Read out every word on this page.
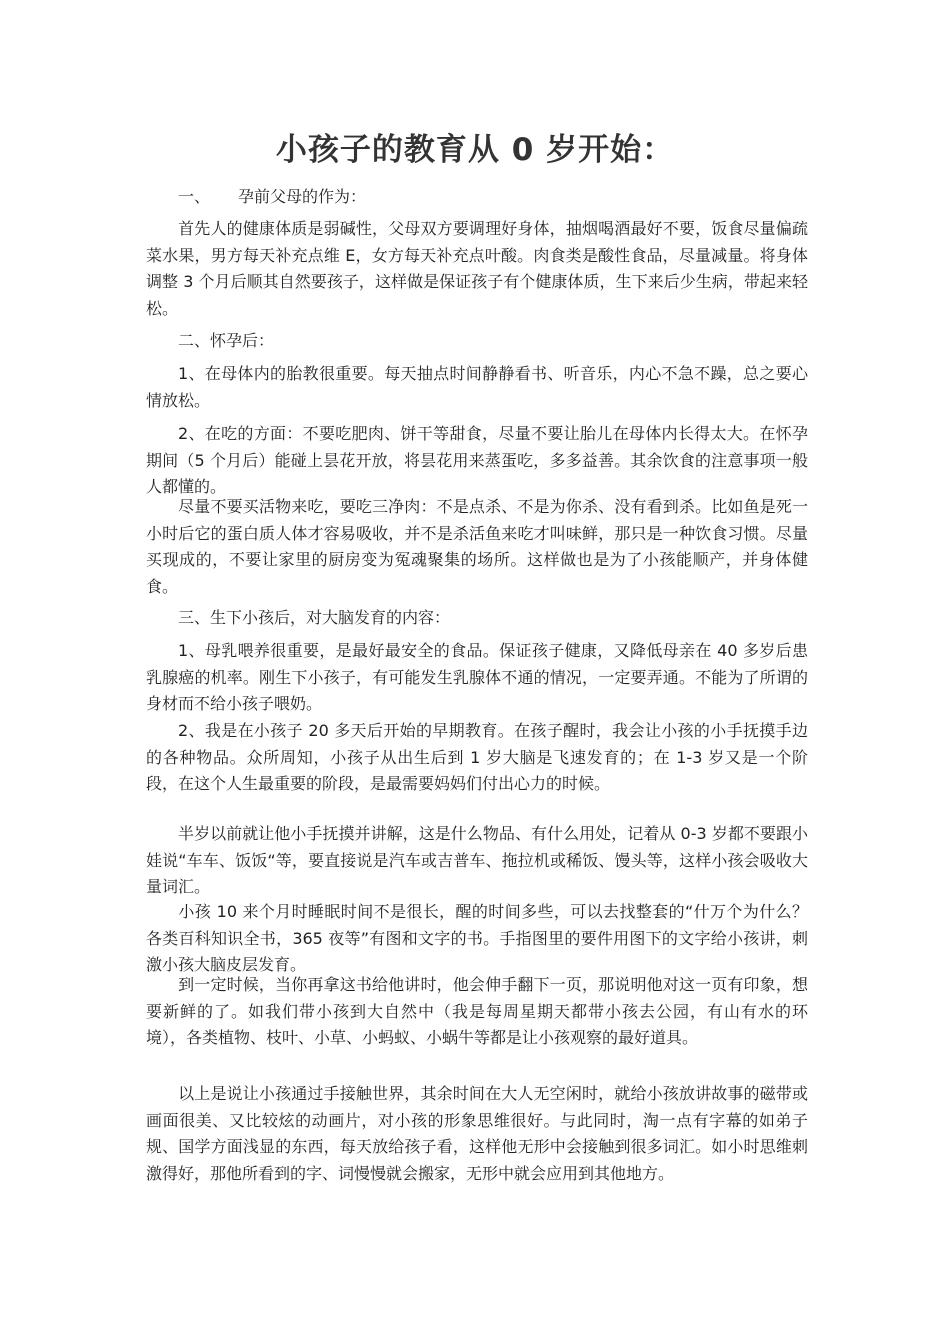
小孩子的教育从 0 岁开始：
一、 孕前父母的作为：
首先人的健康体质是弱碱性，父母双方要调理好身体，抽烟喝酒最好不要，饭食尽量偏疏菜水果，男方每天补充点维 E，女方每天补充点叶酸。肉食类是酸性食品，尽量减量。将身体调整 3 个月后顺其自然要孩子，这样做是保证孩子有个健康体质，生下来后少生病，带起来轻松。
二、怀孕后：
1、在母体内的胎教很重要。每天抽点时间静静看书、听音乐，内心不急不躁，总之要心情放松。
2、在吃的方面：不要吃肥肉、饼干等甜食，尽量不要让胎儿在母体内长得太大。在怀孕期间（5 个月后）能碰上昙花开放，将昙花用来蒸蛋吃，多多益善。其余饮食的注意事项一般人都懂的。
尽量不要买活物来吃，要吃三净肉：不是点杀、不是为你杀、没有看到杀。比如鱼是死一小时后它的蛋白质人体才容易吸收，并不是杀活鱼来吃才叫味鲜，那只是一种饮食习惯。尽量买现成的，不要让家里的厨房变为冤魂聚集的场所。这样做也是为了小孩能顺产，并身体健食。
三、生下小孩后，对大脑发育的内容：
1、母乳喂养很重要，是最好最安全的食品。保证孩子健康，又降低母亲在 40 多岁后患乳腺癌的机率。刚生下小孩子，有可能发生乳腺体不通的情况，一定要弄通。不能为了所谓的身材而不给小孩子喂奶。
2、我是在小孩子 20 多天后开始的早期教育。在孩子醒时，我会让小孩的小手抚摸手边的各种物品。众所周知，小孩子从出生后到 1 岁大脑是飞速发育的；在 1-3 岁又是一个阶段，在这个人生最重要的阶段，是最需要妈妈们付出心力的时候。
半岁以前就让他小手抚摸并讲解，这是什么物品、有什么用处，记着从 0-3 岁都不要跟小娃说“车车、饭饭“等，要直接说是汽车或吉普车、拖拉机或稀饭、馒头等，这样小孩会吸收大量词汇。
小孩 10 来个月时睡眠时间不是很长，醒的时间多些，可以去找整套的“什万个为什么？各类百科知识全书，365 夜等”有图和文字的书。手指图里的要件用图下的文字给小孩讲，刺激小孩大脑皮层发育。
到一定时候，当你再拿这书给他讲时，他会伸手翻下一页，那说明他对这一页有印象，想要新鲜的了。如我们带小孩到大自然中（我是每周星期天都带小孩去公园，有山有水的环境），各类植物、枝叶、小草、小蚂蚁、小蜗牛等都是让小孩观察的最好道具。
以上是说让小孩通过手接触世界，其余时间在大人无空闲时，就给小孩放讲故事的磁带或画面很美、又比较炫的动画片，对小孩的形象思维很好。与此同时，淘一点有字幕的如弟子规、国学方面浅显的东西，每天放给孩子看，这样他无形中会接触到很多词汇。如小时思维刺激得好，那他所看到的字、词慢慢就会搬家，无形中就会应用到其他地方。
